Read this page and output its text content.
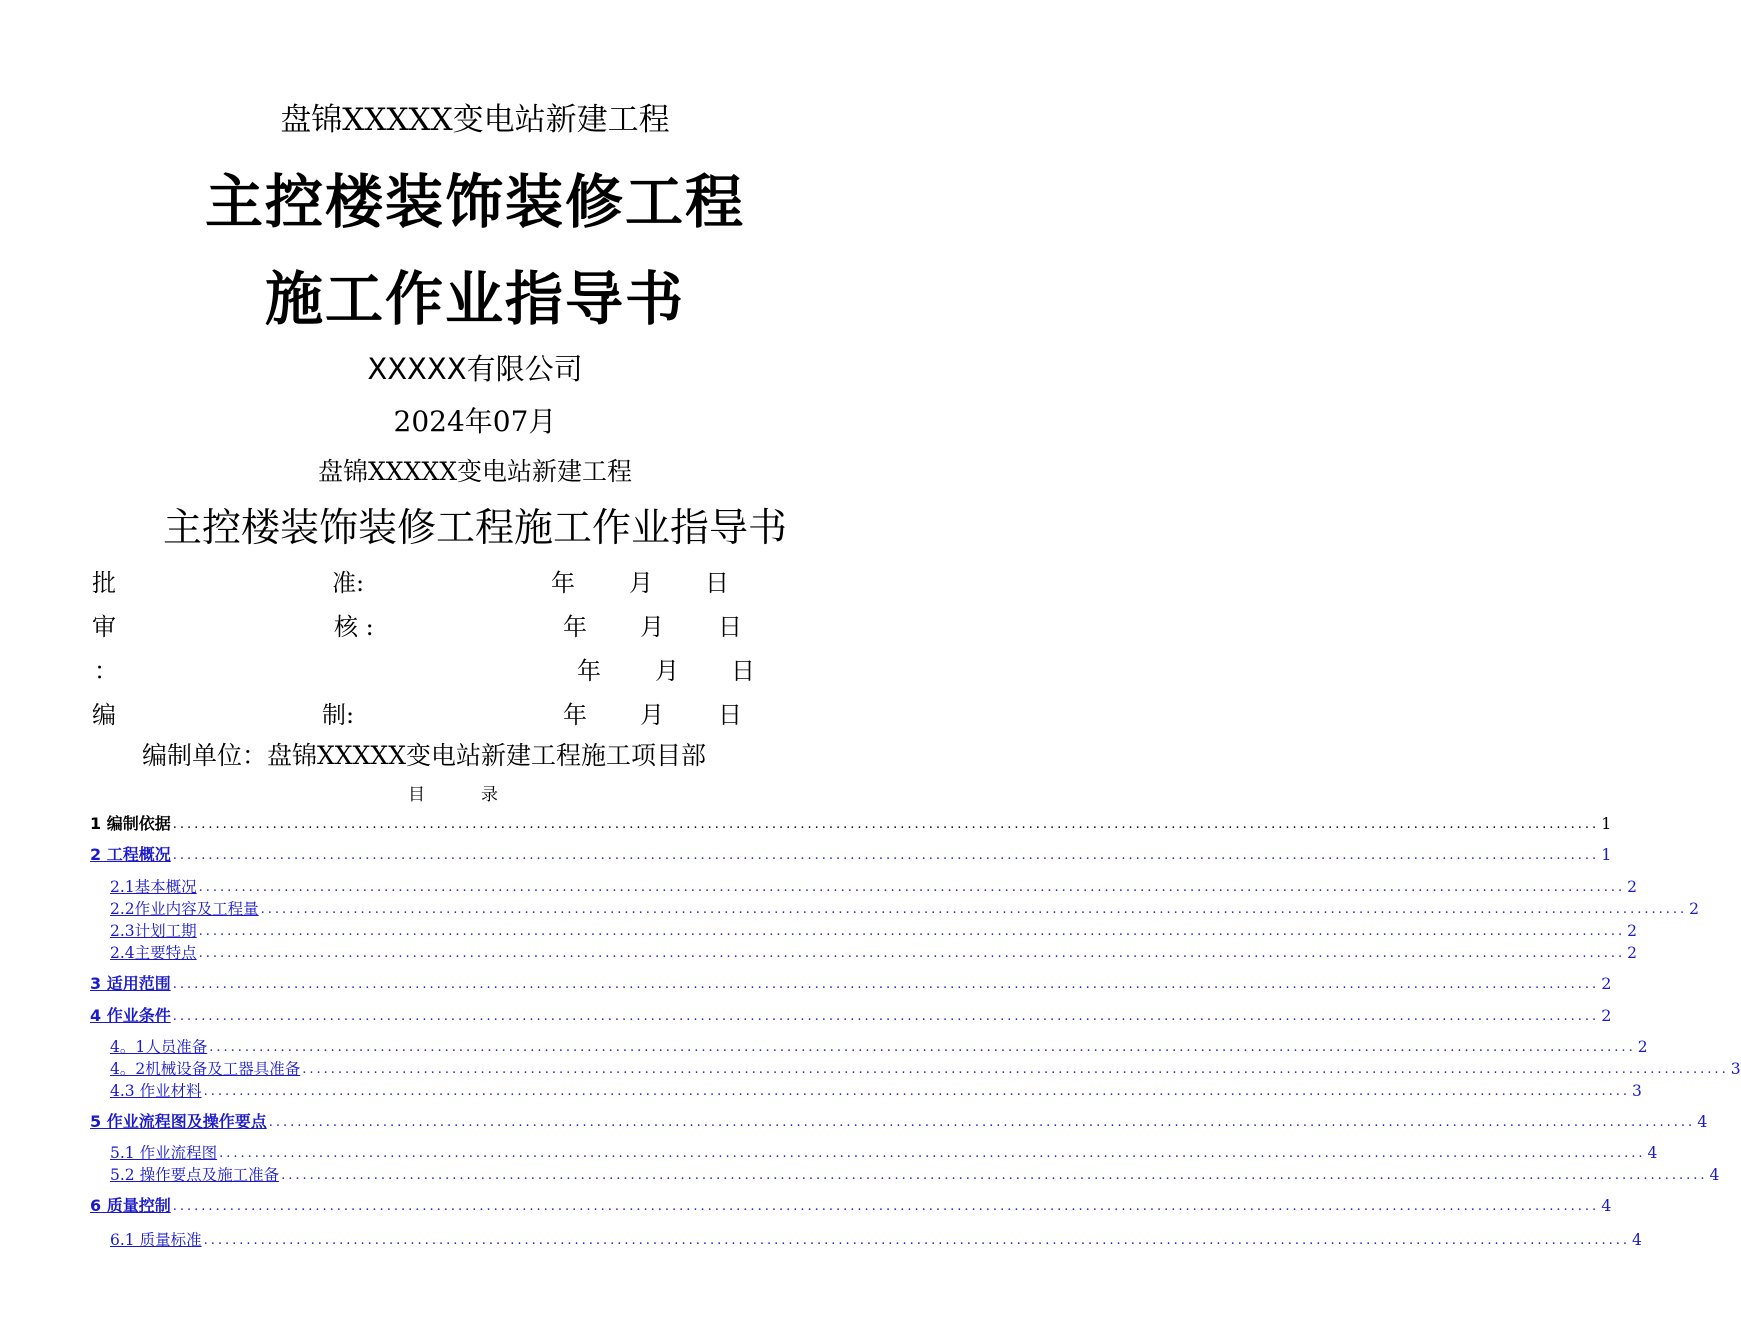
盘锦XXXXX变电站新建工程
主控楼装饰装修工程
施工作业指导书
XXXXX有限公司
2024年07月
盘锦XXXXX变电站新建工程
主控楼装饰装修工程施工作业指导书
批	准:	年 月 日
审	核 :	年 月 日
：	年 月 日
编	制:	年 月 日
编制单位：盘锦XXXXX变电站新建工程施工项目部
目	录
1 编制依据 ........................................................................................................................................................................................................ 1
2 工程概况 ........................................................................................................................................................................................................ 1
2.1基本概况 ........................................................................................................................................................................................................ 2
2.2作业内容及工程量 ........................................................................................................................................................................................................ 2
2.3计划工期 ........................................................................................................................................................................................................ 2
2.4主要特点 ........................................................................................................................................................................................................ 2
3 适用范围 ........................................................................................................................................................................................................ 2
4 作业条件 ........................................................................................................................................................................................................ 2
4。1人员准备 ........................................................................................................................................................................................................ 2
4。2机械设备及工器具准备 ........................................................................................................................................................................................................ 3
4.3 作业材料 ........................................................................................................................................................................................................ 3
5 作业流程图及操作要点 ........................................................................................................................................................................................................ 4
5.1 作业流程图 ........................................................................................................................................................................................................ 4
5.2 操作要点及施工准备 ........................................................................................................................................................................................................ 4
6 质量控制 ........................................................................................................................................................................................................ 4
6.1 质量标准 ........................................................................................................................................................................................................ 4
